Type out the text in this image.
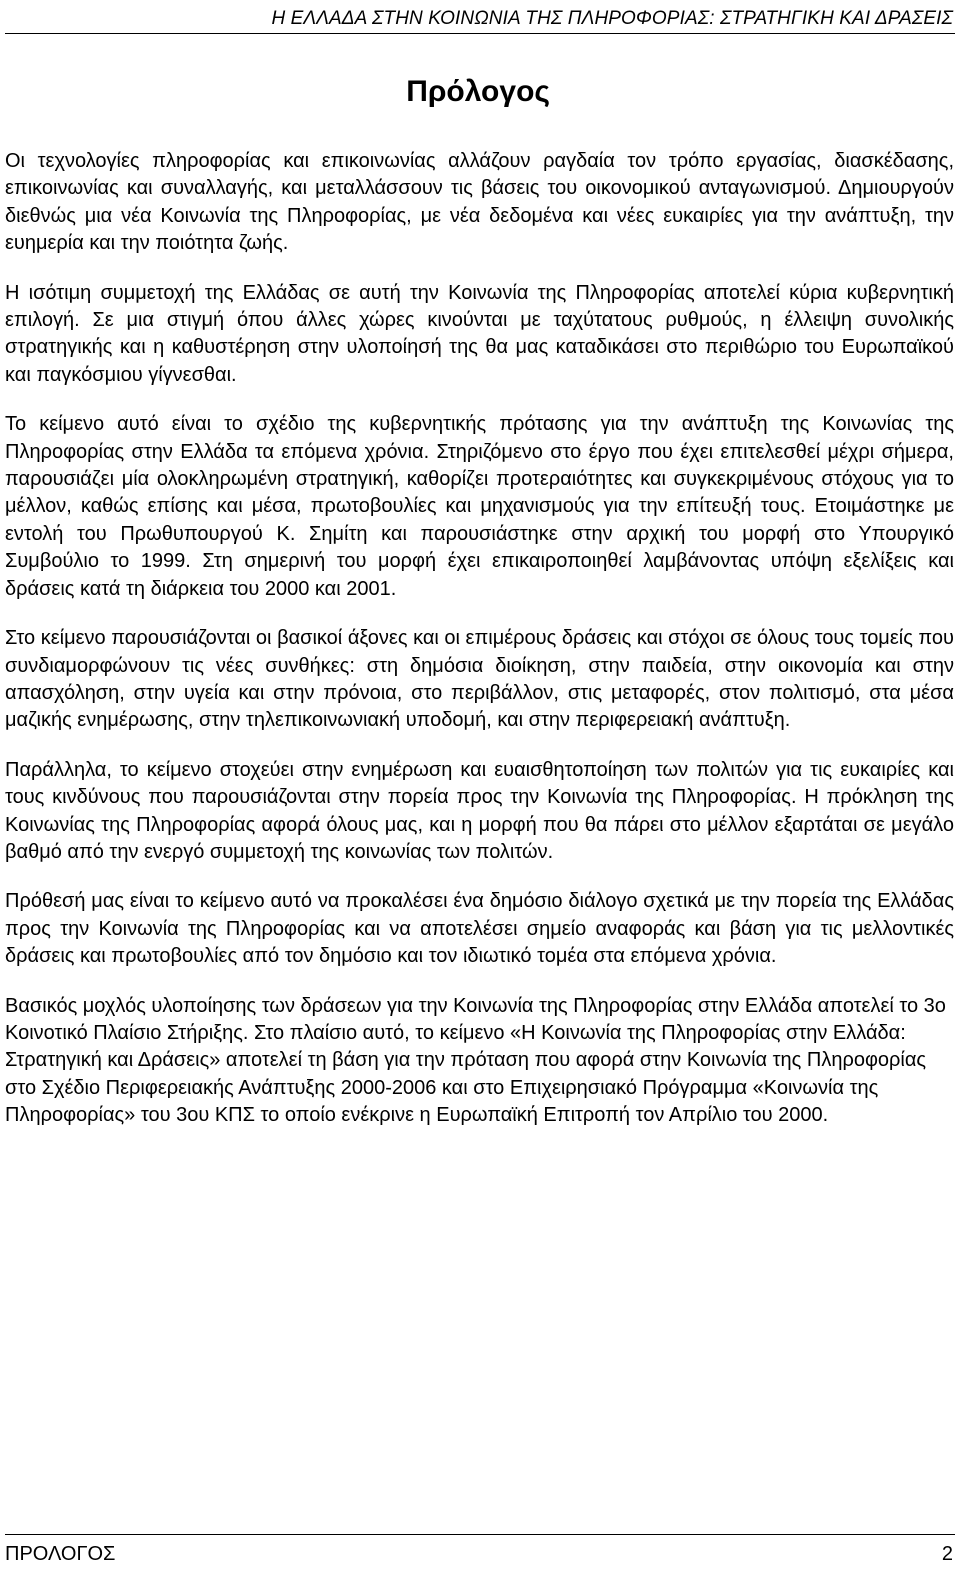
Η ΕΛΛΑΔΑ ΣΤΗΝ ΚΟΙΝΩΝΙΑ ΤΗΣ ΠΛΗΡΟΦΟΡΙΑΣ: ΣΤΡΑΤΗΓΙΚΗ ΚΑΙ ΔΡΑΣΕΙΣ
Πρόλογος

Οι τεχνολογίες πληροφορίας και επικοινωνίας αλλάζουν ραγδαία τον τρόπο εργασίας, διασκέδασης, επικοινωνίας και συναλλαγής, και μεταλλάσσουν τις βάσεις του οικονομικού ανταγωνισμού. Δημιουργούν διεθνώς μια νέα Κοινωνία της Πληροφορίας, με νέα δεδομένα και νέες ευκαιρίες για την ανάπτυξη, την ευημερία και την ποιότητα ζωής.

Η ισότιμη συμμετοχή της Ελλάδας σε αυτή την Κοινωνία της Πληροφορίας αποτελεί κύρια κυβερνητική επιλογή. Σε μια στιγμή όπου άλλες χώρες κινούνται με ταχύτατους ρυθμούς, η έλλειψη συνολικής στρατηγικής και η καθυστέρηση στην υλοποίησή της θα μας καταδικάσει στο περιθώριο του Ευρωπαϊκού και παγκόσμιου γίγνεσθαι.

Το κείμενο αυτό είναι το σχέδιο της κυβερνητικής πρότασης για την ανάπτυξη της Κοινωνίας της Πληροφορίας στην Ελλάδα τα επόμενα χρόνια. Στηριζόμενο στο έργο που έχει επιτελεσθεί μέχρι σήμερα, παρουσιάζει μία ολοκληρωμένη στρατηγική, καθορίζει προτεραιότητες και συγκεκριμένους στόχους για το μέλλον, καθώς επίσης και μέσα, πρωτοβουλίες και μηχανισμούς για την επίτευξή τους. Ετοιμάστηκε με εντολή του Πρωθυπουργού Κ. Σημίτη και παρουσιάστηκε στην αρχική του μορφή στο Υπουργικό Συμβούλιο το 1999. Στη σημερινή του μορφή έχει επικαιροποιηθεί λαμβάνοντας υπόψη εξελίξεις και δράσεις κατά τη διάρκεια του 2000 και 2001.

Στο κείμενο παρουσιάζονται οι βασικοί άξονες και οι επιμέρους δράσεις και στόχοι σε όλους τους τομείς που συνδιαμορφώνουν τις νέες συνθήκες: στη δημόσια διοίκηση, στην παιδεία, στην οικονομία και στην απασχόληση, στην υγεία και στην πρόνοια, στο περιβάλλον, στις μεταφορές, στον πολιτισμό, στα μέσα μαζικής ενημέρωσης, στην τηλεπικοινωνιακή υποδομή, και στην περιφερειακή ανάπτυξη.

Παράλληλα, το κείμενο στοχεύει στην ενημέρωση και ευαισθητοποίηση των πολιτών για τις ευκαιρίες και τους κινδύνους που παρουσιάζονται στην πορεία προς την Κοινωνία της Πληροφορίας. Η πρόκληση της Κοινωνίας της Πληροφορίας αφορά όλους μας, και η μορφή που θα πάρει στο μέλλον εξαρτάται σε μεγάλο βαθμό από την ενεργό συμμετοχή της κοινωνίας των πολιτών.

Πρόθεσή μας είναι το κείμενο αυτό να προκαλέσει ένα δημόσιο διάλογο σχετικά με την πορεία της Ελλάδας προς την Κοινωνία της Πληροφορίας και να αποτελέσει σημείο αναφοράς και βάση για τις μελλοντικές δράσεις και πρωτοβουλίες από τον δημόσιο και τον ιδιωτικό τομέα στα επόμενα χρόνια.

Βασικός μοχλός υλοποίησης των δράσεων για την Κοινωνία της Πληροφορίας στην Ελλάδα αποτελεί το 3ο Κοινοτικό Πλαίσιο Στήριξης. Στο πλαίσιο αυτό, το κείμενο «Η Κοινωνία της Πληροφορίας στην Ελλάδα: Στρατηγική και Δράσεις» αποτελεί τη βάση για την πρόταση που αφορά στην Κοινωνία της Πληροφορίας στο Σχέδιο Περιφερειακής Ανάπτυξης 2000-2006 και στο Επιχειρησιακό Πρόγραμμα «Κοινωνία της Πληροφορίας» του 3ου ΚΠΣ το οποίο ενέκρινε η Ευρωπαϊκή Επιτροπή τον Απρίλιο του 2000.

ΠΡΟΛΟΓΟΣ	2
